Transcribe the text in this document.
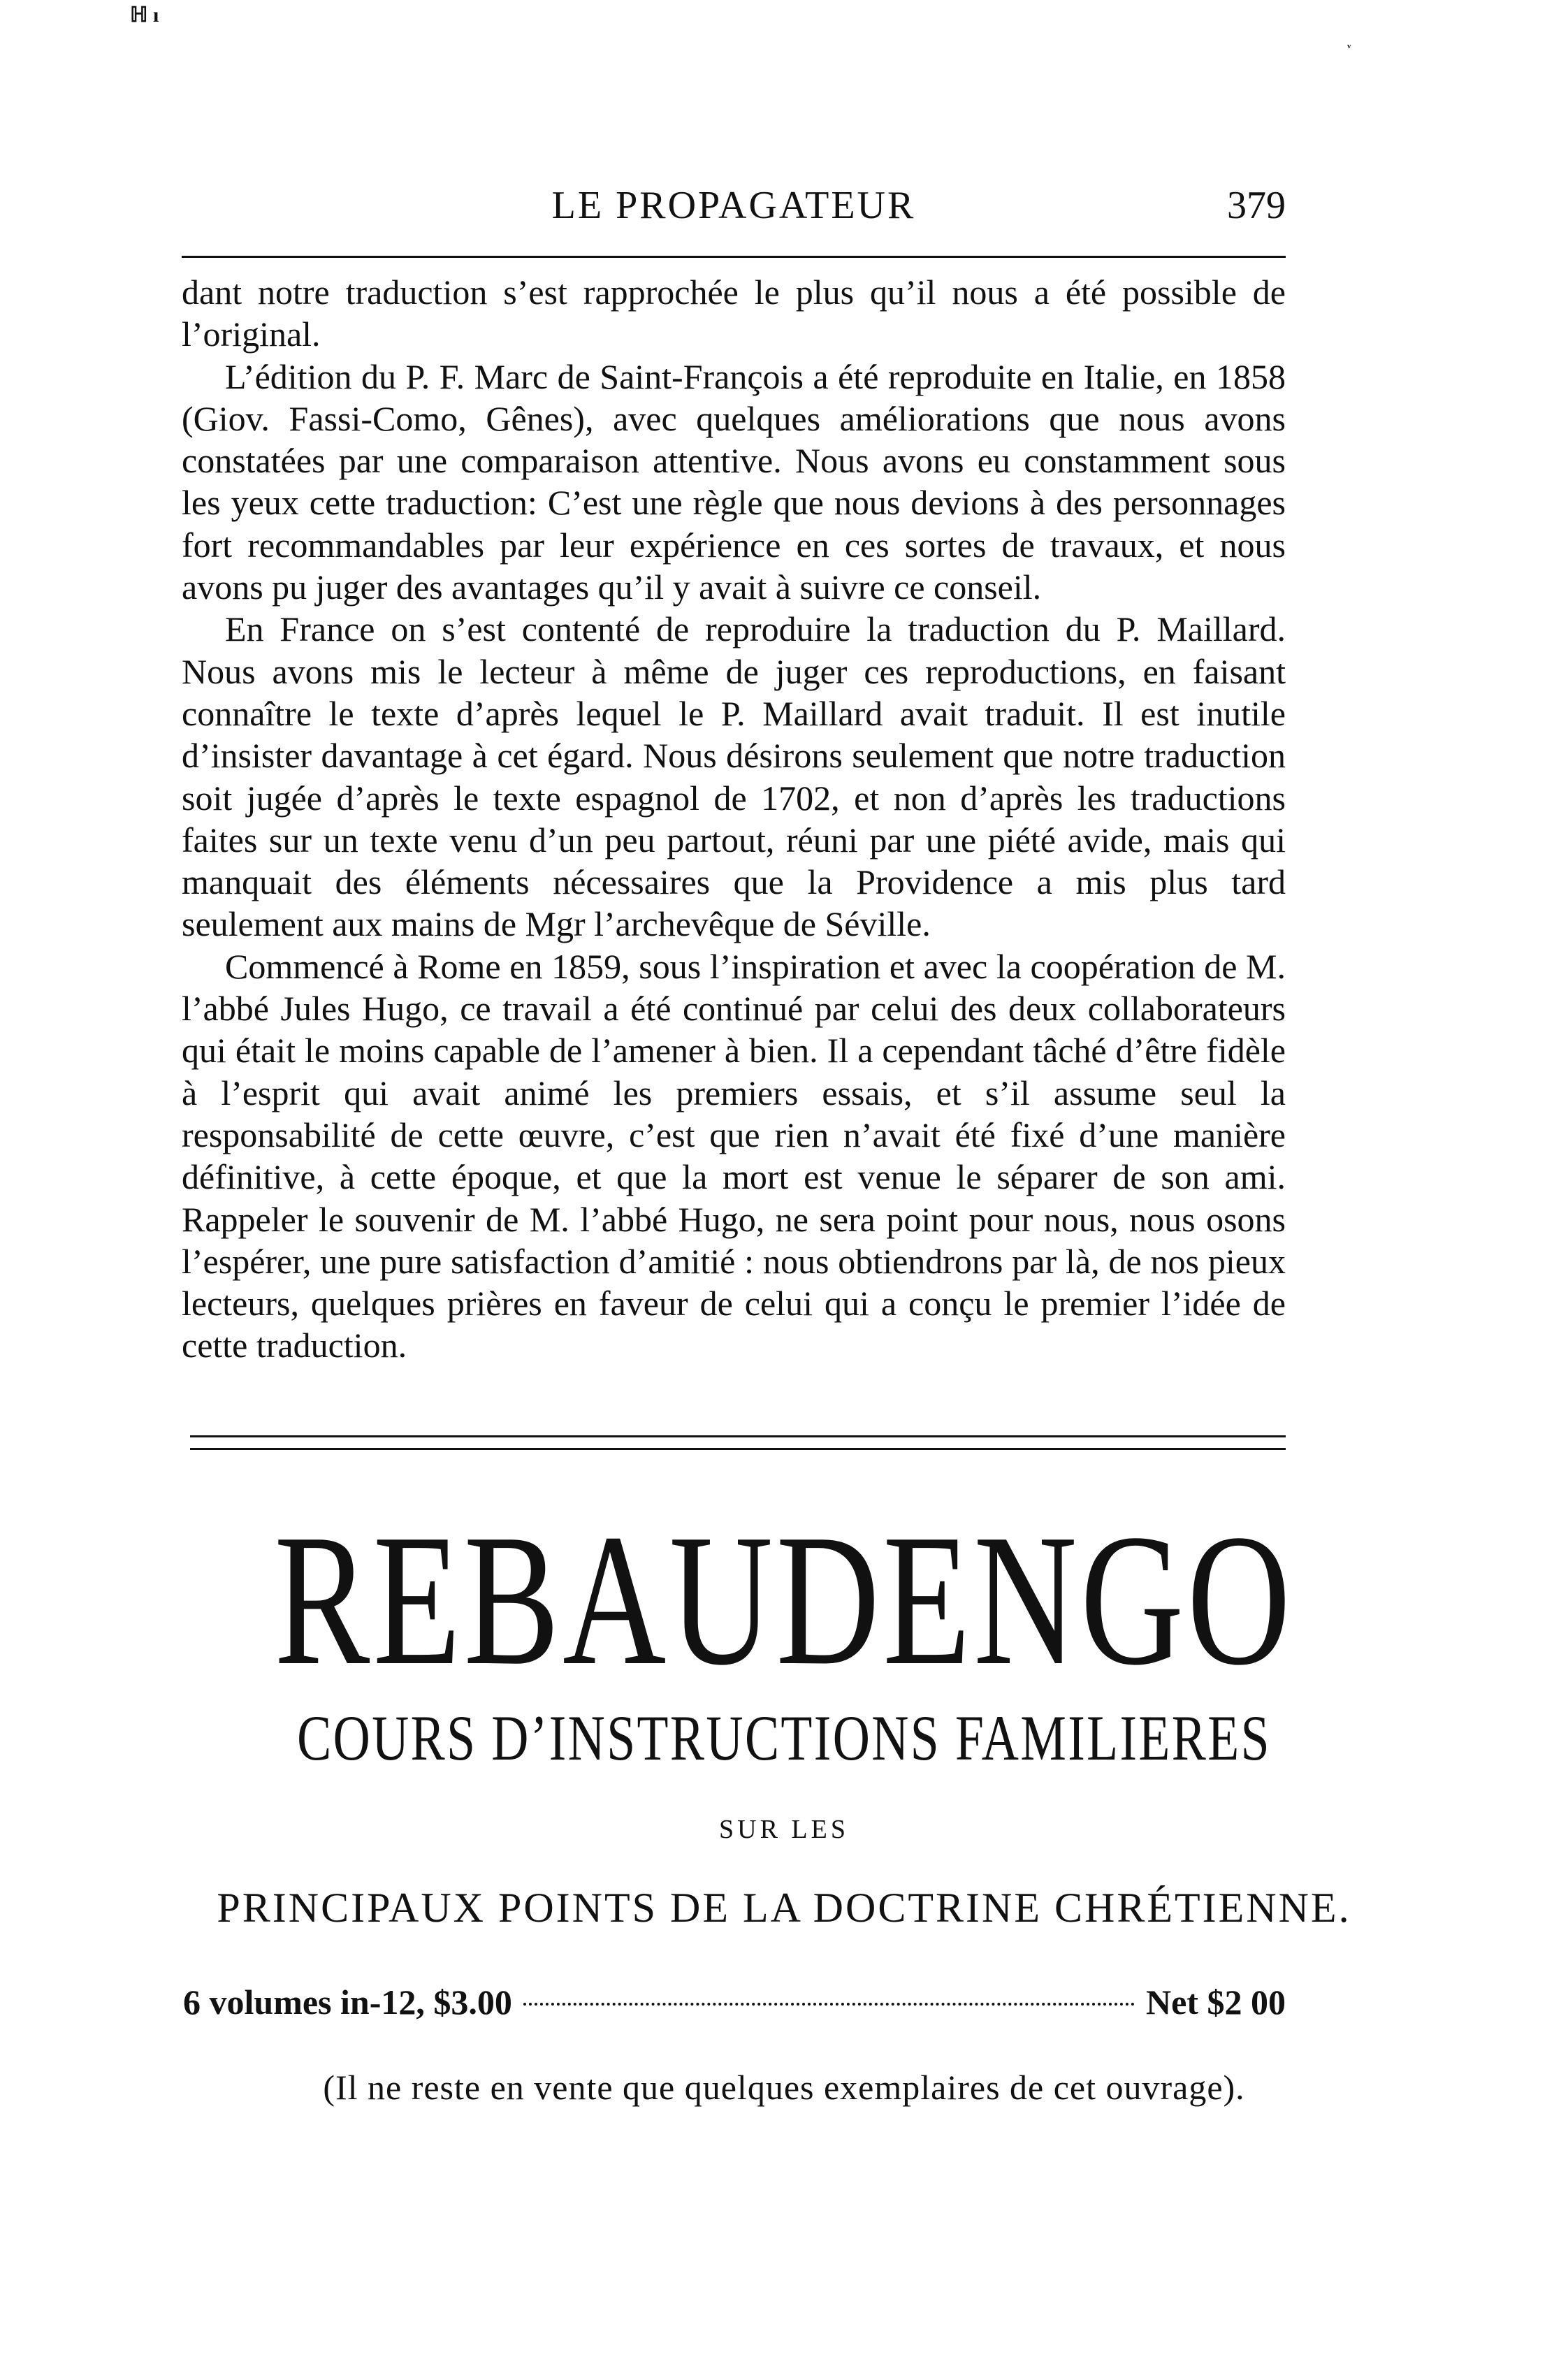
ℍ ı
ᵛ
LE PROPAGATEUR	379

dant notre traduction s’est rapprochée le plus qu’il nous a été possible de l’original.

L’édition du P. F. Marc de Saint-François a été reproduite en Italie, en 1858 (Giov. Fassi-Como, Gênes), avec quelques améliorations que nous avons constatées par une comparaison attentive. Nous avons eu constamment sous les yeux cette traduction: C’est une règle que nous devions à des personnages fort recommandables par leur expérience en ces sortes de travaux, et nous avons pu juger des avantages qu’il y avait à suivre ce conseil.

En France on s’est contenté de reproduire la traduction du P. Maillard. Nous avons mis le lecteur à même de juger ces reproductions, en faisant connaître le texte d’après lequel le P. Maillard avait traduit. Il est inutile d’insister davantage à cet égard. Nous désirons seulement que notre traduction soit jugée d’après le texte espagnol de 1702, et non d’après les traductions faites sur un texte venu d’un peu partout, réuni par une piété avide, mais qui manquait des éléments nécessaires que la Providence a mis plus tard seulement aux mains de Mgr l’archevêque de Séville.

Commencé à Rome en 1859, sous l’inspiration et avec la coopération de M. l’abbé Jules Hugo, ce travail a été continué par celui des deux collaborateurs qui était le moins capable de l’amener à bien. Il a cependant tâché d’être fidèle à l’esprit qui avait animé les premiers essais, et s’il assume seul la responsabilité de cette œuvre, c’est que rien n’avait été fixé d’une manière définitive, à cette époque, et que la mort est venue le séparer de son ami. Rappeler le souvenir de M. l’abbé Hugo, ne sera point pour nous, nous osons l’espérer, une pure satisfaction d’amitié : nous obtiendrons par là, de nos pieux lecteurs, quelques prières en faveur de celui qui a conçu le premier l’idée de cette traduction.

REBAUDENGO
COURS D’INSTRUCTIONS FAMILIERES
SUR LES
PRINCIPAUX POINTS DE LA DOCTRINE CHRÉTIENNE.
6 volumes in-12, $3.00	Net $2 00
(Il ne reste en vente que quelques exemplaires de cet ouvrage).
